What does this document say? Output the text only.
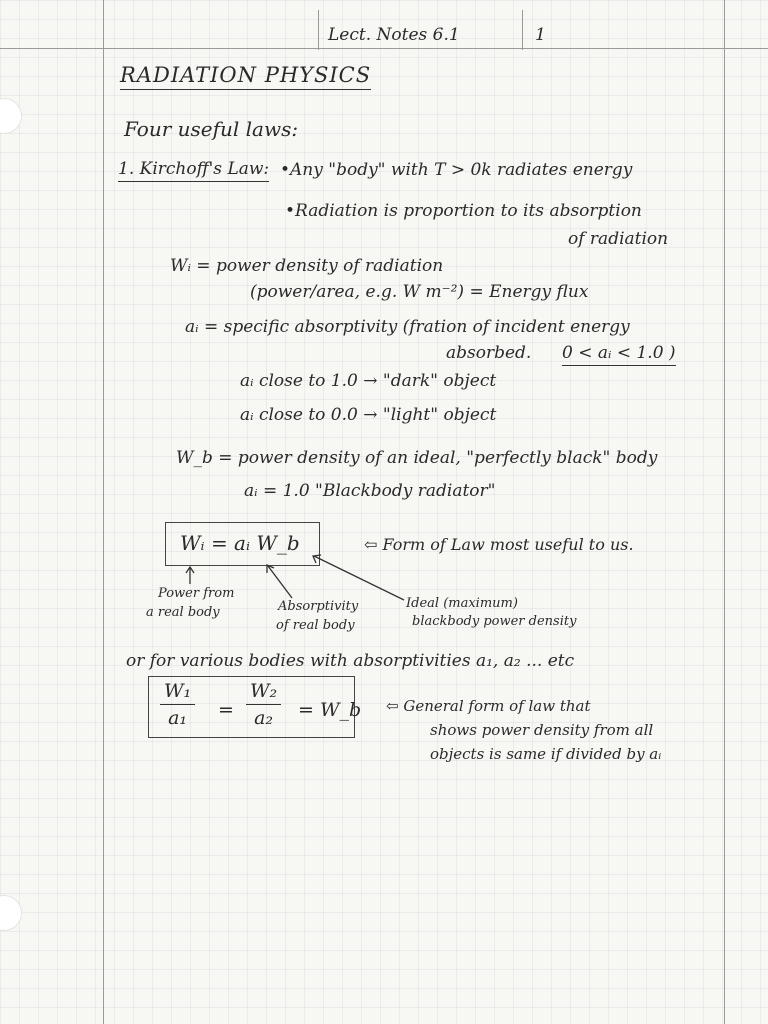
Lect. Notes 6.1	1
RADIATION PHYSICS
Four useful laws:
1. Kirchoff's Law: •Any "body" with T > 0k radiates energy
•Radiation is proportion to its absorption
of radiation
Wᵢ = power density of radiation
(power/area, e.g. W m⁻²) = Energy flux
aᵢ = specific absorptivity (fration of incident energy
absorbed. 0 < aᵢ < 1.0 )
aᵢ close to 1.0 → "dark" object
aᵢ close to 0.0 → "light" object
W_b = power density of an ideal, "perfectly black" body
aᵢ = 1.0 "Blackbody radiator"
Wᵢ = aᵢ W_b	⇦ Form of Law most useful to us.
Power from
a real body	Absorptivity
of real body
Ideal (maximum)
blackbody power density
or for various bodies with absorptivities a₁, a₂ ... etc
$\frac{\text{W₁}}{\text{a₁}} = \frac{\text{W₂}}{\text{a₂}}$ = W_b ⇦ General form of law that
shows power density from all
objects is same if divided by aᵢ
